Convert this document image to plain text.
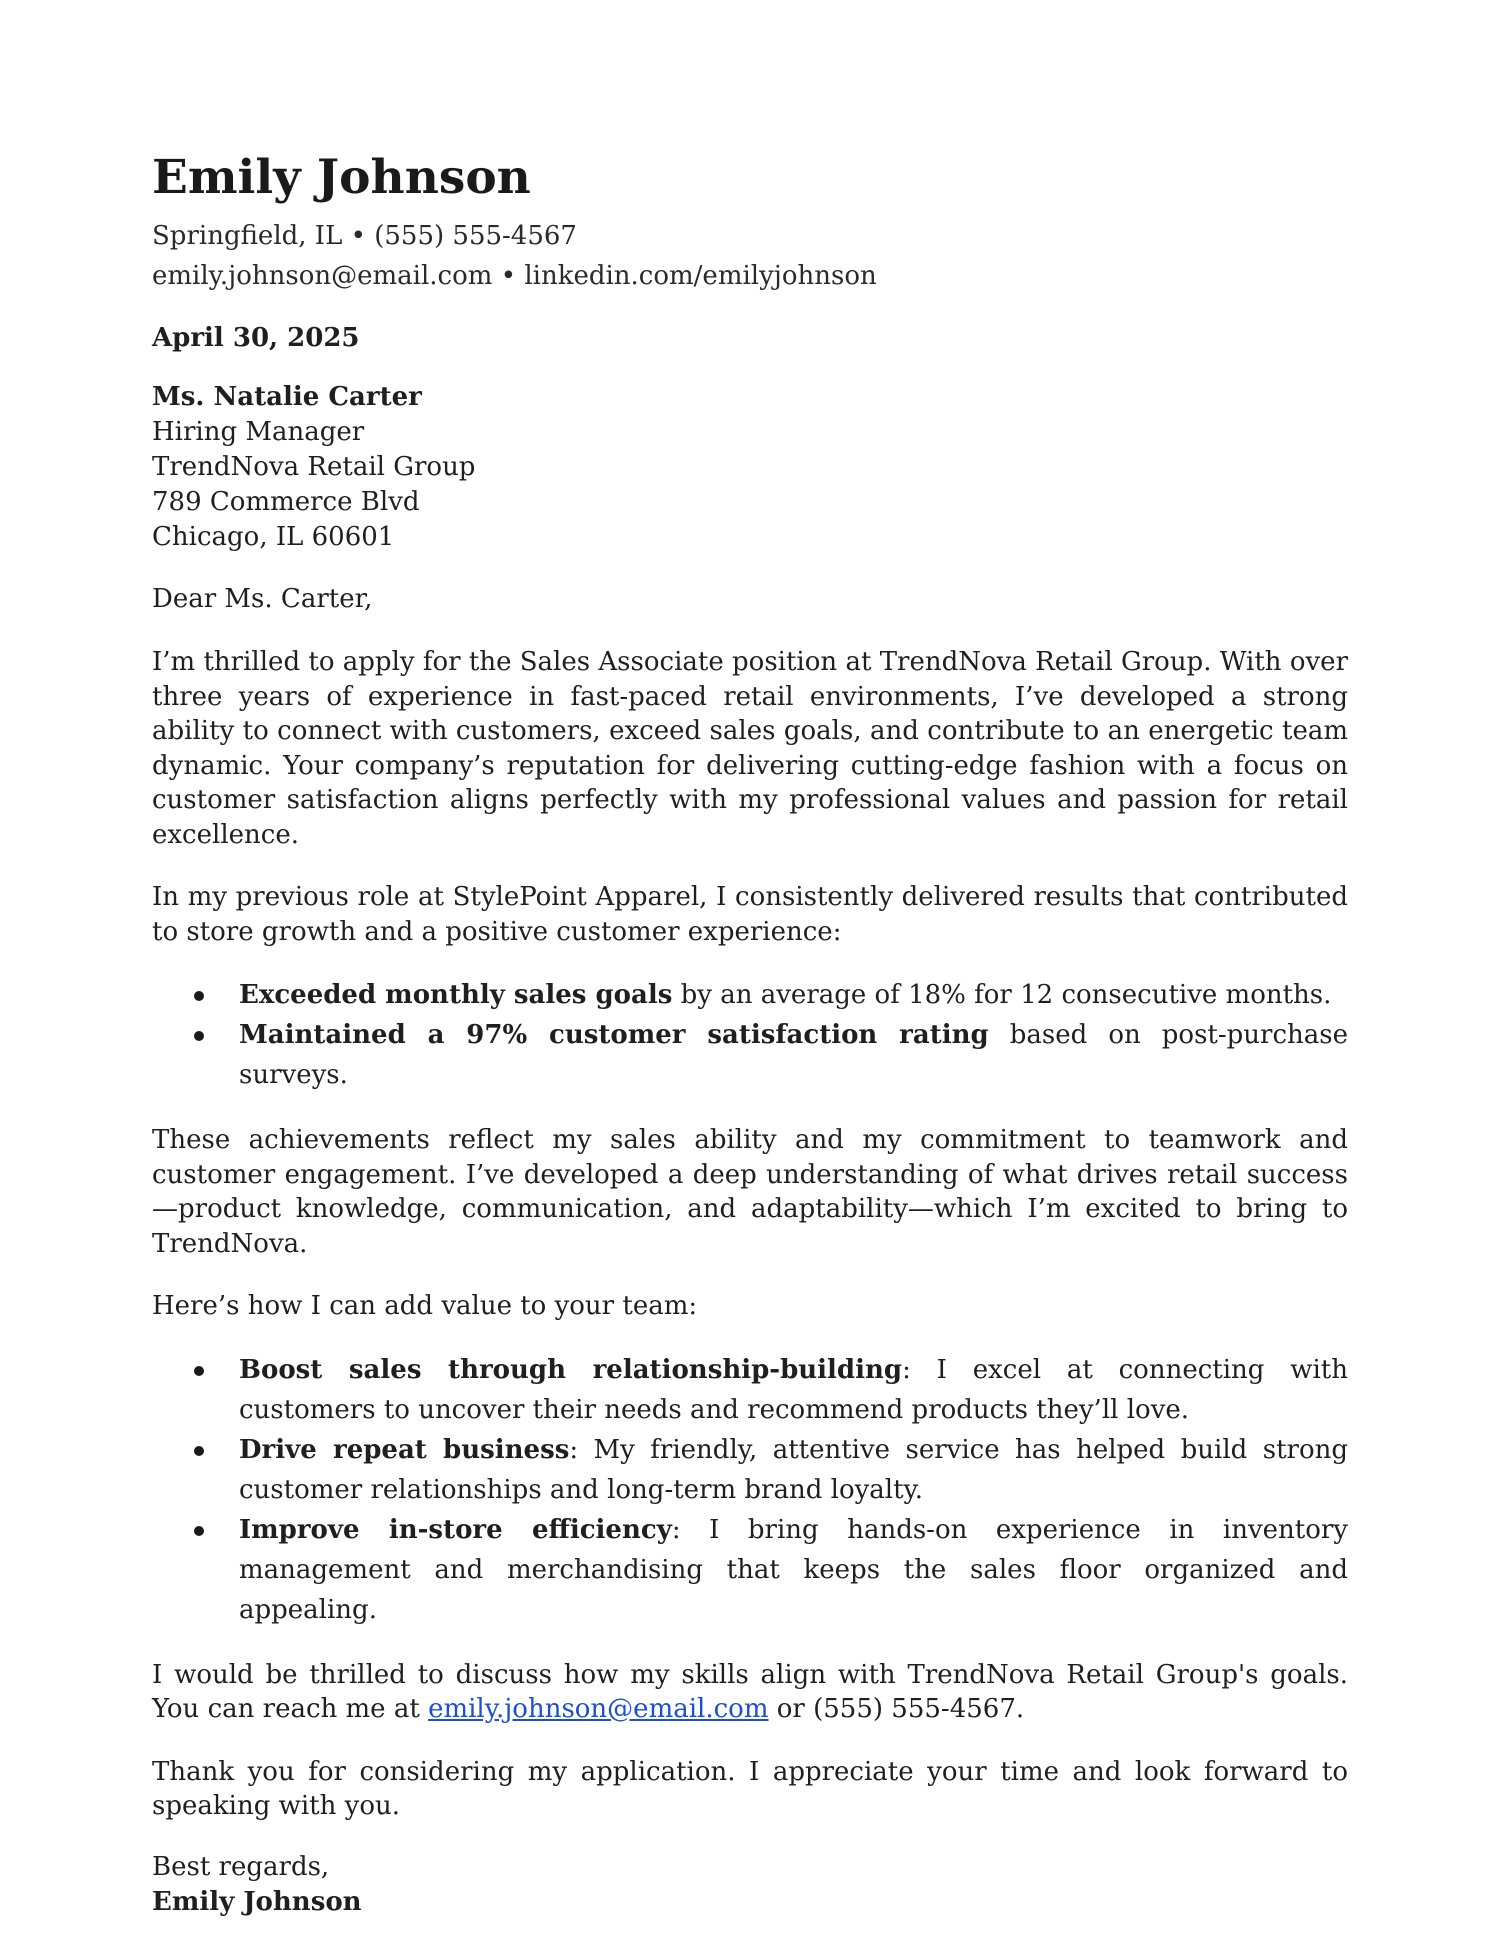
Emily Johnson
Springfield, IL • (555) 555-4567
emily.johnson@email.com • linkedin.com/emilyjohnson
April 30, 2025
Ms. Natalie Carter
Hiring Manager
TrendNova Retail Group
789 Commerce Blvd
Chicago, IL 60601
Dear Ms. Carter,

I’m thrilled to apply for the Sales Associate position at TrendNova Retail Group. With over three years of experience in fast-paced retail environments, I’ve developed a strong ability to connect with customers, exceed sales goals, and contribute to an energetic team dynamic. Your company’s reputation for delivering cutting-edge fashion with a focus on customer satisfaction aligns perfectly with my professional values and passion for retail excellence.

In my previous role at StylePoint Apparel, I consistently delivered results that contributed to store growth and a positive customer experience:

Exceeded monthly sales goals by an average of 18% for 12 consecutive months.
Maintained a 97% customer satisfaction rating based on post-purchase surveys.

These achievements reflect my sales ability and my commitment to teamwork and customer engagement. I’ve developed a deep understanding of what drives retail success—product knowledge, communication, and adaptability—which I’m excited to bring to TrendNova.

Here’s how I can add value to your team:

Boost sales through relationship-building: I excel at connecting with customers to uncover their needs and recommend products they’ll love.
Drive repeat business: My friendly, attentive service has helped build strong customer relationships and long-term brand loyalty.
Improve in-store efficiency: I bring hands-on experience in inventory management and merchandising that keeps the sales floor organized and appealing.

I would be thrilled to discuss how my skills align with TrendNova Retail Group's goals. You can reach me at emily.johnson@email.com or (555) 555-4567.

Thank you for considering my application. I appreciate your time and look forward to speaking with you.

Best regards,
Emily Johnson
